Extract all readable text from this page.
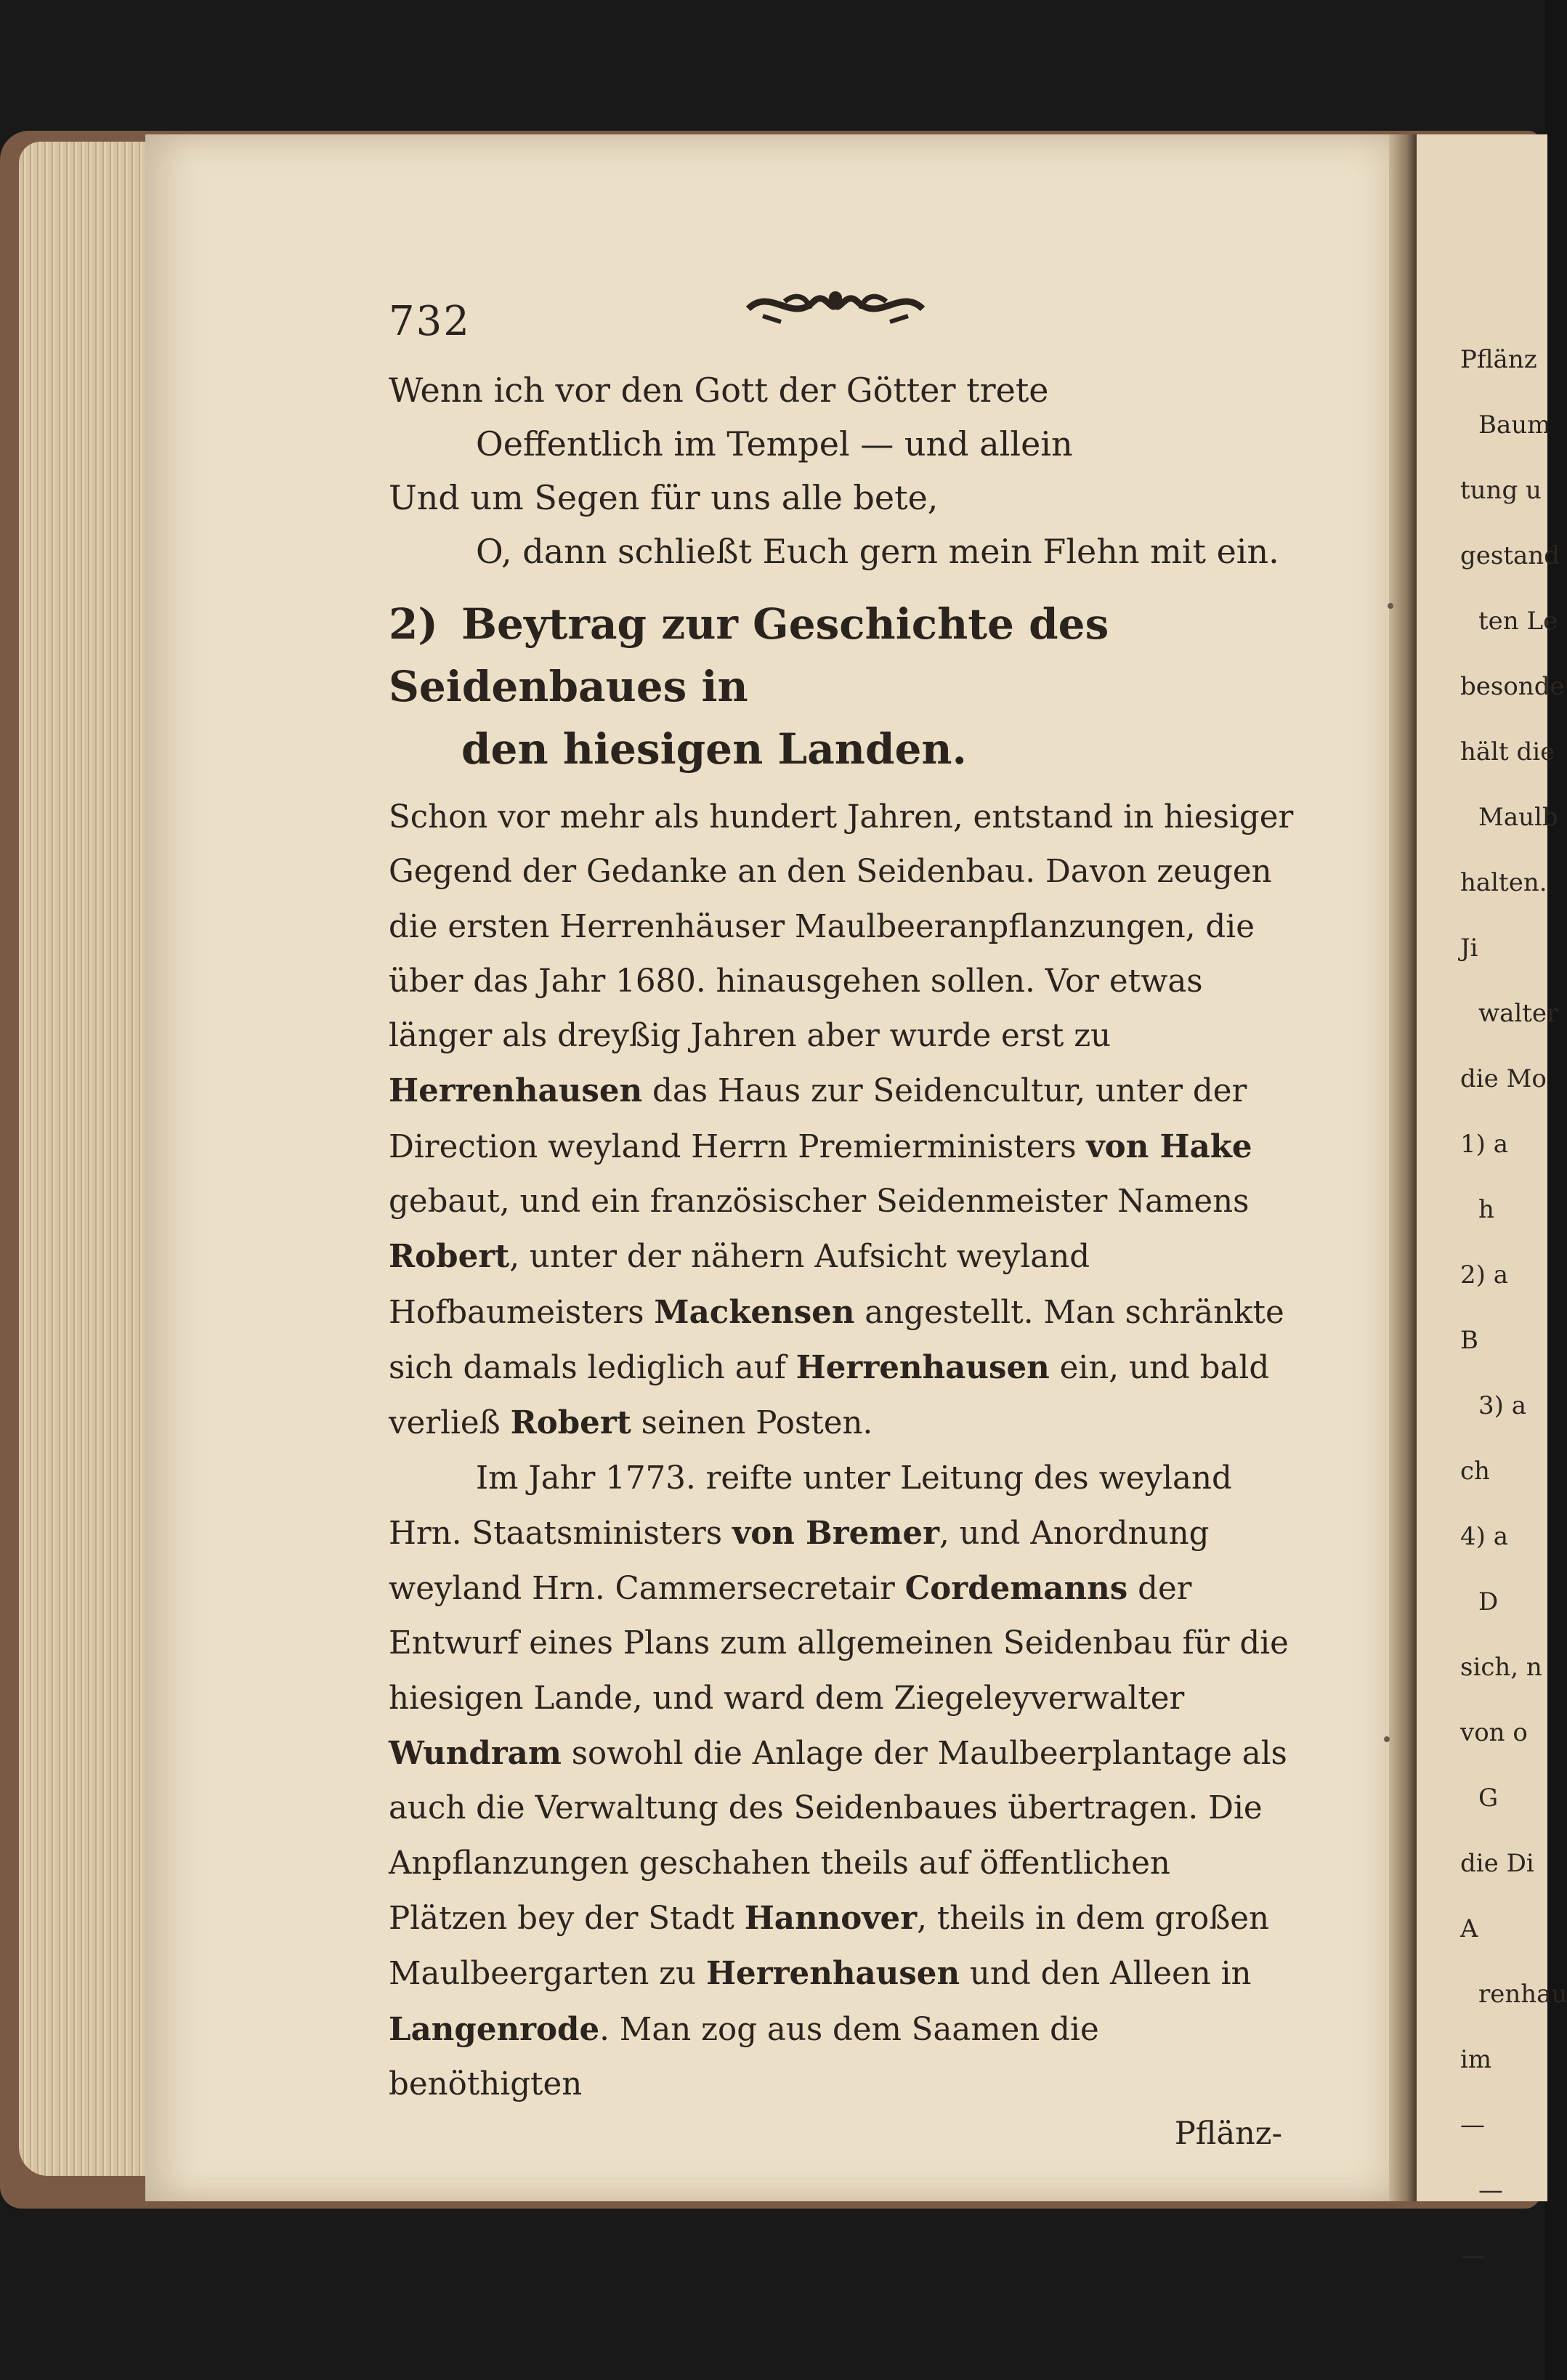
Pflänz
Baum
tung u
gestand
ten Le
besonde
hält die
Maulb
halten.
Ji
walter
die Mo
1) a
h
2) a
B
3) a
ch
4) a
D
sich, n
von o
G
die Di
A
renhau
im
—
—
—
732
Wenn ich vor den Gott der Götter trete
Oeffentlich im Tempel — und allein
Und um Segen für uns alle bete,
O, dann schließt Euch gern mein Flehn mit ein.
2) Beytrag zur Geschichte des Seidenbaues in
den hiesigen Landen.

Schon vor mehr als hundert Jahren, entstand in hiesiger Gegend der Gedanke an den Seidenbau. Davon zeugen die ersten Herrenhäuser Maulbeeranpflanzungen, die über das Jahr 1680. hinausgehen sollen. Vor etwas länger als dreyßig Jahren aber wurde erst zu Herrenhausen das Haus zur Seidencultur, unter der Direction weyland Herrn Premierministers von Hake gebaut, und ein französischer Seidenmeister Namens Robert, unter der nähern Aufsicht weyland Hofbaumeisters Mackensen angestellt. Man schränkte sich damals lediglich auf Herrenhausen ein, und bald verließ Robert seinen Posten.

Im Jahr 1773. reifte unter Leitung des weyland Hrn. Staatsministers von Bremer, und Anordnung weyland Hrn. Cammersecretair Cordemanns der Entwurf eines Plans zum allgemeinen Seidenbau für die hiesigen Lande, und ward dem Ziegeleyverwalter Wundram sowohl die Anlage der Maulbeerplantage als auch die Verwaltung des Seidenbaues übertragen. Die Anpflanzungen geschahen theils auf öffentlichen Plätzen bey der Stadt Hannover, theils in dem großen Maulbeergarten zu Herrenhausen und den Alleen in Langenrode. Man zog aus dem Saamen die benöthigten

Pflänz-
